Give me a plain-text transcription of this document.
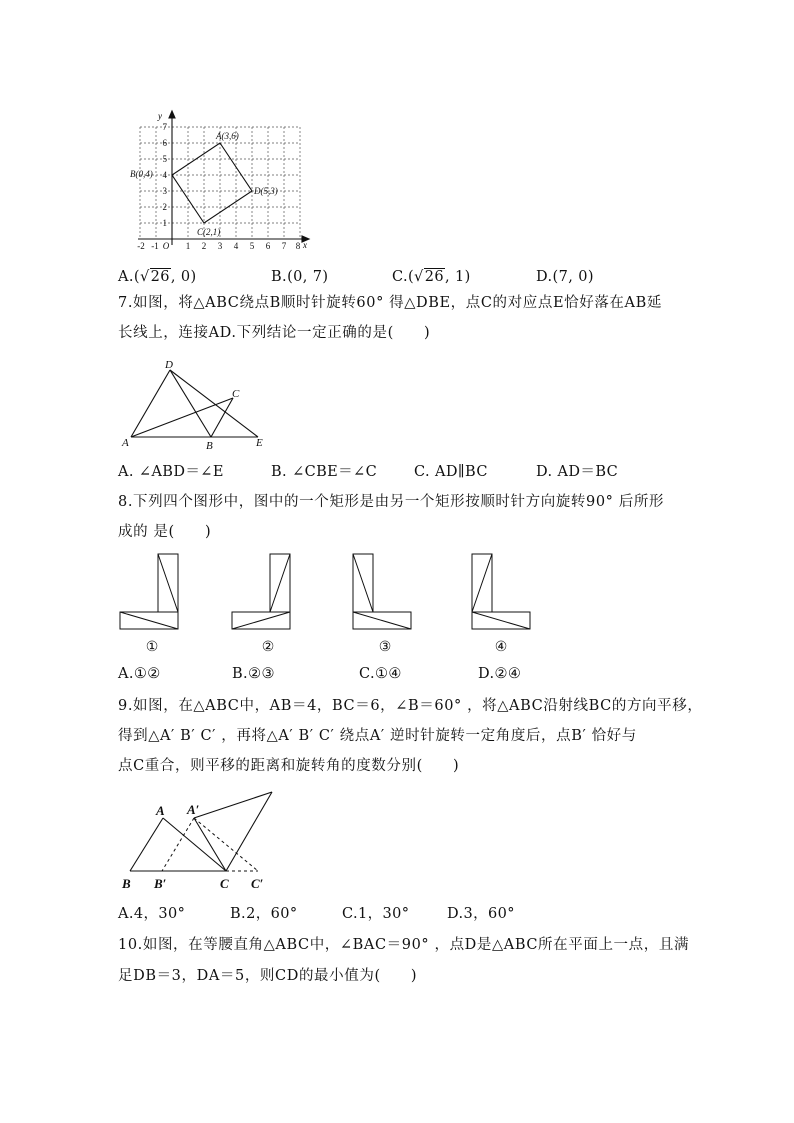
x
y
-2 -1 O 1 2 3 4 5 6 7 8
1
2
3
4
5
6
7
A(3,6)
B(0,4)
C(2,1)
D(5,3)
A.(√26, 0)	B.(0, 7)	C.(√26, 1)	D.(7, 0)
7.如图，将△ABC绕点B顺时针旋转60° 得△DBE，点C的对应点E恰好落在AB延
长线上，连接AD.下列结论一定正确的是(　　)
D
C
A	B	E
A. ∠ABD＝∠E	B. ∠CBE＝∠C	C. AD∥BC	D. AD＝BC
8.下列四个图形中，图中的一个矩形是由另一个矩形按顺时针方向旋转90° 后所形
成的 是(　　)
①	②	③	④
A.①②	B.②③	C.①④	D.②④
9.如图，在△ABC中，AB＝4，BC＝6，∠B＝60° ，将△ABC沿射线BC的方向平移，
得到△A′ B′ C′ ，再将△A′ B′ C′ 绕点A′ 逆时针旋转一定角度后，点B′ 恰好与
点C重合，则平移的距离和旋转角的度数分别(　　)
A A′
B B′	C C′
A.4，30°	B.2，60°	C.1，30°	D.3，60°
10.如图，在等腰直角△ABC中，∠BAC＝90° ，点D是△ABC所在平面上一点，且满
足DB＝3，DA＝5，则CD的最小值为(　　)
